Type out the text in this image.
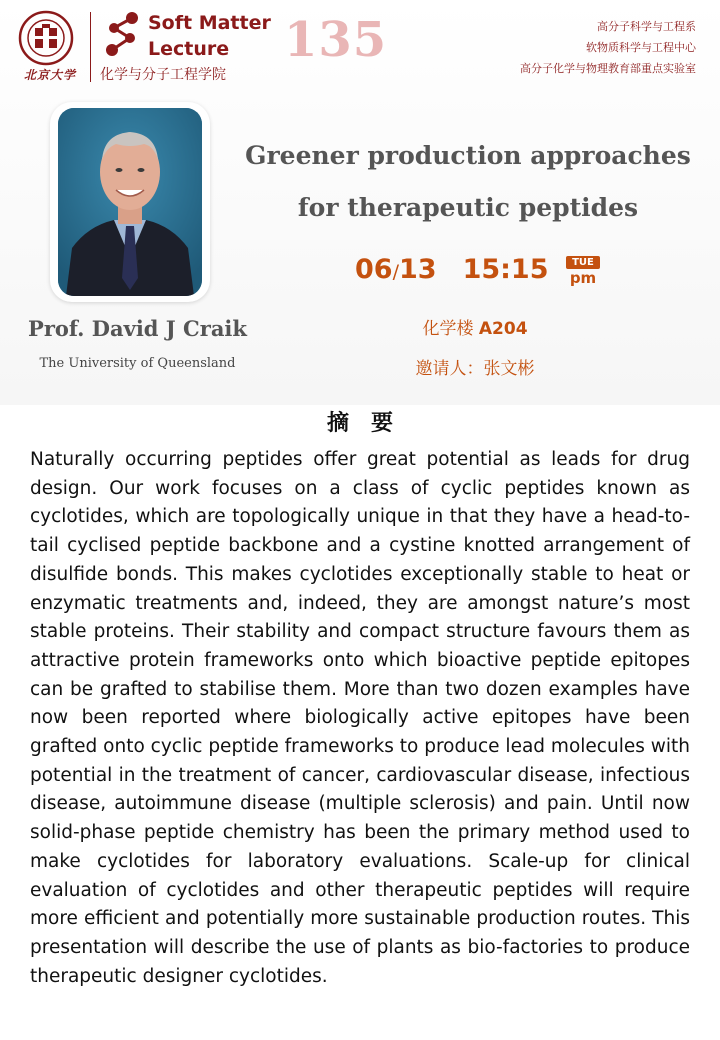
北京大学
Soft Matter
Lecture 135
化学与分子工程学院
高分子科学与工程系
软物质科学与工程中心
高分子化学与物理教育部重点实验室
Prof. David J Craik
The University of Queensland
Greener production approaches
for therapeutic peptides
06/13 15:15	TUE
pm
化学楼 A204
邀请人：张文彬
摘要
Naturally occurring peptides offer great potential as leads for drug design. Our work focuses on a class of cyclic peptides known as cyclotides, which are topologically unique in that they have a head-to-tail cyclised peptide backbone and a cystine knotted arrangement of disulfide bonds. This makes cyclotides exceptionally stable to heat or enzymatic treatments and, indeed, they are amongst nature’s most stable proteins. Their stability and compact structure favours them as attractive protein frameworks onto which bioactive peptide epitopes can be grafted to stabilise them. More than two dozen examples have now been reported where biologically active epitopes have been grafted onto cyclic peptide frameworks to produce lead molecules with potential in the treatment of cancer, cardiovascular disease, infectious disease, autoimmune disease (multiple sclerosis) and pain. Until now solid-phase peptide chemistry has been the primary method used to make cyclotides for laboratory evaluations. Scale-up for clinical evaluation of cyclotides and other therapeutic peptides will require more efficient and potentially more sustainable production routes. This presentation will describe the use of plants as bio-factories to produce therapeutic designer cyclotides.
